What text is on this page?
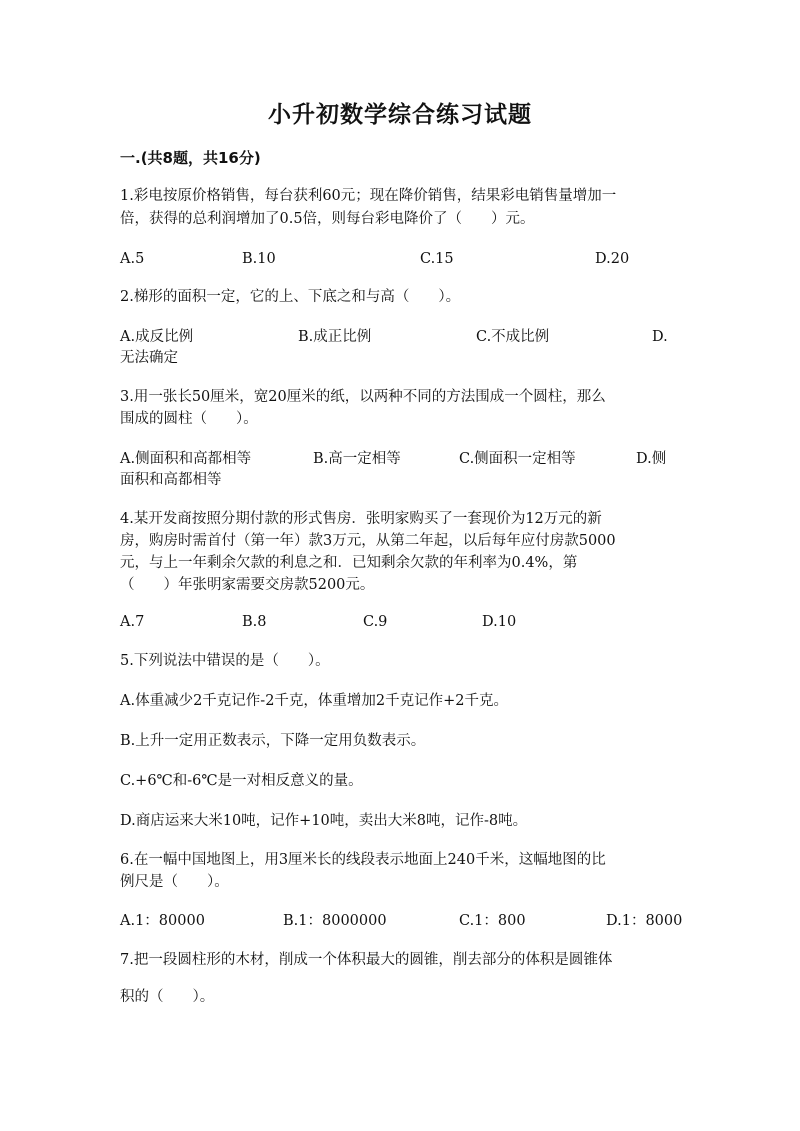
小升初数学综合练习试题
一.(共8题，共16分)
1.彩电按原价格销售，每台获利60元；现在降价销售，结果彩电销售量增加一
倍，获得的总利润增加了0.5倍，则每台彩电降价了（　　）元。
A.5	B.10	C.15	D.20
2.梯形的面积一定，它的上、下底之和与高（　　）。
A.成反比例	B.成正比例	C.不成比例	D.
无法确定
3.用一张长50厘米，宽20厘米的纸，以两种不同的方法围成一个圆柱，那么
围成的圆柱（　　）。
A.侧面积和高都相等	B.高一定相等	C.侧面积一定相等	D.侧
面积和高都相等
4.某开发商按照分期付款的形式售房．张明家购买了一套现价为12万元的新
房，购房时需首付（第一年）款3万元，从第二年起，以后每年应付房款5000
元，与上一年剩余欠款的利息之和．已知剩余欠款的年利率为0.4%，第
（　　）年张明家需要交房款5200元。
A.7	B.8	C.9	D.10
5.下列说法中错误的是（　　）。
A.体重减少2千克记作-2千克，体重增加2千克记作+2千克。
B.上升一定用正数表示，下降一定用负数表示。
C.+6℃和-6℃是一对相反意义的量。
D.商店运来大米10吨，记作+10吨，卖出大米8吨，记作-8吨。
6.在一幅中国地图上，用3厘米长的线段表示地面上240千米，这幅地图的比
例尺是（　　）。
A.1：80000	B.1：8000000	C.1：800	D.1：8000
7.把一段圆柱形的木材，削成一个体积最大的圆锥，削去部分的体积是圆锥体
积的（　　）。
